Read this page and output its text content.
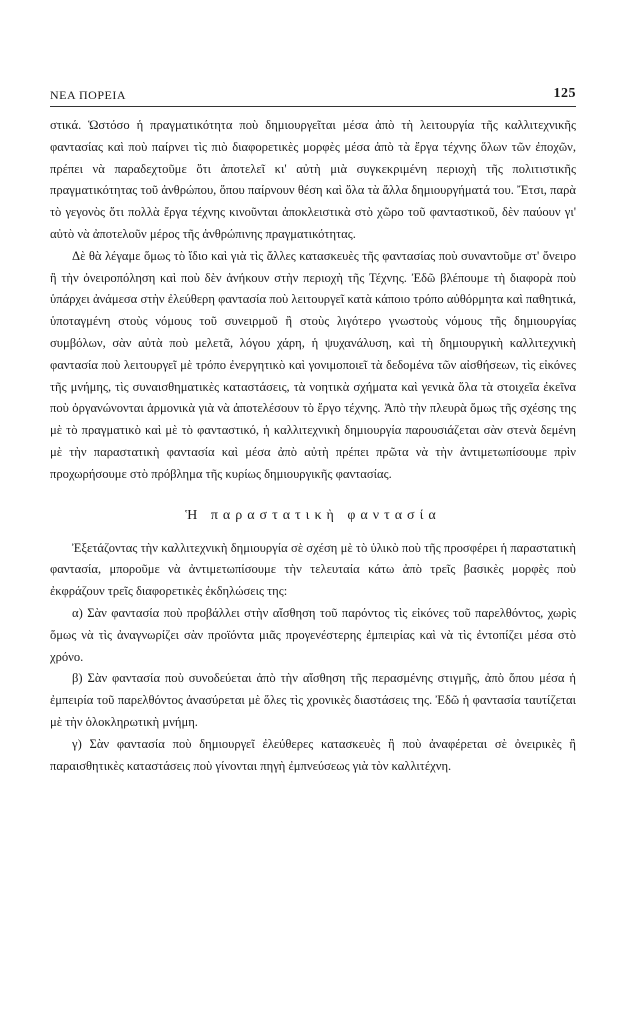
ΝΕΑ ΠΟΡΕΙΑ	125

στικά. Ὡστόσο ἡ πραγματικότητα ποὺ δημιουργεῖται μέσα ἀπὸ τὴ λειτουργία τῆς καλλιτεχνικῆς φαντασίας καὶ ποὺ παίρνει τὶς πιὸ διαφορετικὲς μορφὲς μέσα ἀπὸ τὰ ἔργα τέχνης ὅλων τῶν ἐποχῶν, πρέπει νὰ παραδεχτοῦμε ὅτι ἀποτελεῖ κι' αὐτὴ μιὰ συγκεκριμένη περιοχὴ τῆς πολιτιστικῆς πραγματικότητας τοῦ ἀνθρώπου, ὅπου παίρνουν θέση καὶ ὅλα τὰ ἄλλα δημιουργήματά του. Ἔτσι, παρὰ τὸ γεγονὸς ὅτι πολλὰ ἔργα τέχνης κινοῦνται ἀποκλειστικὰ στὸ χῶρο τοῦ φανταστικοῦ, δὲν παύουν γι' αὐτὸ νὰ ἀποτελοῦν μέρος τῆς ἀνθρώπινης πραγματικότητας.

Δὲ θὰ λέγαμε ὅμως τὸ ἴδιο καὶ γιὰ τὶς ἄλλες κατασκευὲς τῆς φαντασίας ποὺ συναντοῦμε στ' ὄνειρο ἢ τὴν ὀνειροπόληση καὶ ποὺ δὲν ἀνήκουν στὴν περιοχὴ τῆς Τέχνης. Ἐδῶ βλέπουμε τὴ διαφορὰ ποὺ ὑπάρχει ἀνάμεσα στὴν ἐλεύθερη φαντασία ποὺ λειτουργεῖ κατὰ κάποιο τρόπο αὐθόρμητα καὶ παθητικά, ὑποταγμένη στοὺς νόμους τοῦ συνειρμοῦ ἢ στοὺς λιγότερο γνωστοὺς νόμους τῆς δημιουργίας συμβόλων, σὰν αὐτὰ ποὺ μελετᾶ, λόγου χάρη, ἡ ψυχανάλυση, καὶ τὴ δημιουργικὴ καλλιτεχνικὴ φαντασία ποὺ λειτουργεῖ μὲ τρόπο ἐνεργητικὸ καὶ γονιμοποιεῖ τὰ δεδομένα τῶν αἰσθήσεων, τὶς εἰκόνες τῆς μνήμης, τὶς συναισθηματικὲς καταστάσεις, τὰ νοητικὰ σχήματα καὶ γενικὰ ὅλα τὰ στοιχεῖα ἐκεῖνα ποὺ ὀργανώνονται ἁρμονικὰ γιὰ νὰ ἀποτελέσουν τὸ ἔργο τέχνης. Ἀπὸ τὴν πλευρὰ ὅμως τῆς σχέσης της μὲ τὸ πραγματικὸ καὶ μὲ τὸ φανταστικό, ἡ καλλιτεχνικὴ δημιουργία παρουσιάζεται σὰν στενὰ δεμένη μὲ τὴν παραστατικὴ φαντασία καὶ μέσα ἀπὸ αὐτὴ πρέπει πρῶτα νὰ τὴν ἀντιμετωπίσουμε πρὶν προχωρήσουμε στὸ πρόβλημα τῆς κυρίως δημιουργικῆς φαντασίας.

Ἡ παραστατικὴ φαντασία

Ἐξετάζοντας τὴν καλλιτεχνικὴ δημιουργία σὲ σχέση μὲ τὸ ὑλικὸ ποὺ τῆς προσφέρει ἡ παραστατικὴ φαντασία, μποροῦμε νὰ ἀντιμετωπίσουμε τὴν τελευταία κάτω ἀπὸ τρεῖς βασικὲς μορφὲς ποὺ ἐκφράζουν τρεῖς διαφορετικὲς ἐκδηλώσεις της:

α) Σὰν φαντασία ποὺ προβάλλει στὴν αἴσθηση τοῦ παρόντος τὶς εἰκόνες τοῦ παρελθόντος, χωρὶς ὅμως νὰ τὶς ἀναγνωρίζει σὰν προϊόντα μιᾶς προγενέστερης ἐμπειρίας καὶ νὰ τὶς ἐντοπίζει μέσα στὸ χρόνο.

β) Σὰν φαντασία ποὺ συνοδεύεται ἀπὸ τὴν αἴσθηση τῆς περασμένης στιγμῆς, ἀπὸ ὅπου μέσα ἡ ἐμπειρία τοῦ παρελθόντος ἀνασύρεται μὲ ὅλες τὶς χρονικὲς διαστάσεις της. Ἐδῶ ἡ φαντασία ταυτίζεται μὲ τὴν ὁλοκληρωτικὴ μνήμη.

γ) Σὰν φαντασία ποὺ δημιουργεῖ ἐλεύθερες κατασκευὲς ἢ ποὺ ἀναφέρεται σὲ ὀνειρικὲς ἢ παραισθητικὲς καταστάσεις ποὺ γίνονται πηγὴ ἐμπνεύσεως γιὰ τὸν καλλιτέχνη.
